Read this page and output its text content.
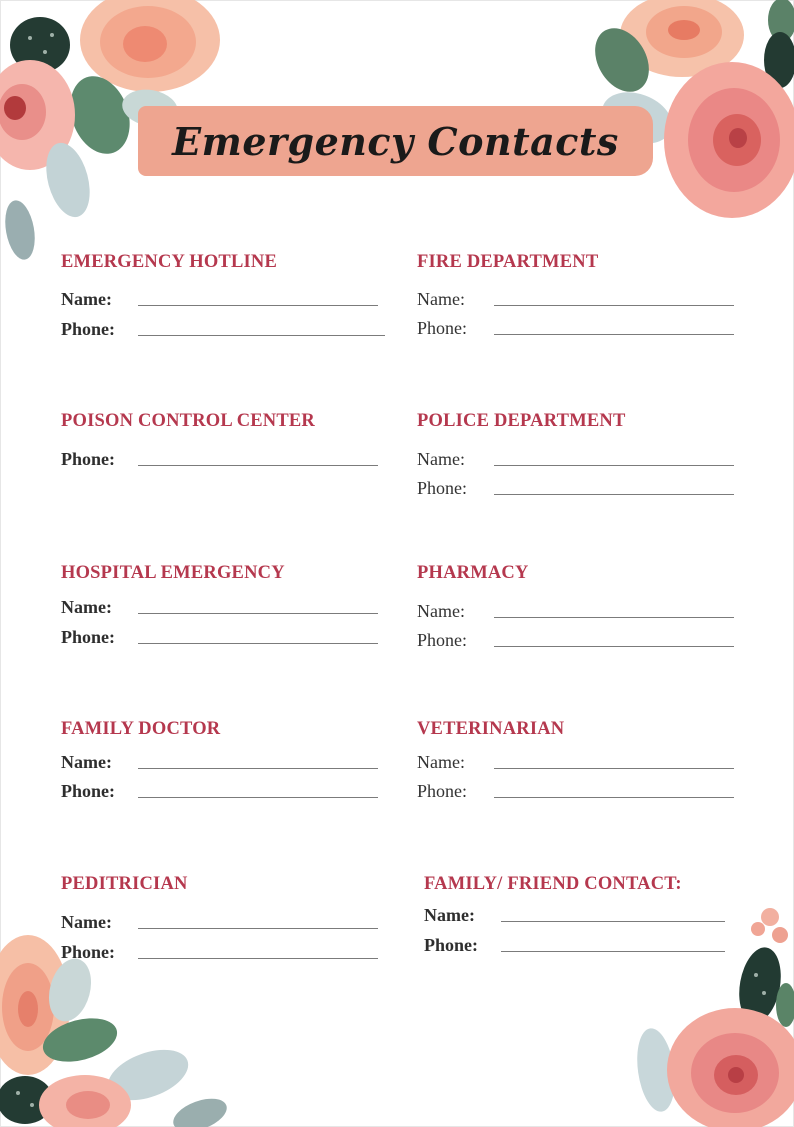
Emergency Contacts
EMERGENCY HOTLINE
Name:
Phone:
FIRE DEPARTMENT
Name:
Phone:
POISON CONTROL CENTER
Phone:
POLICE DEPARTMENT
Name:
Phone:
HOSPITAL EMERGENCY
Name:
Phone:
PHARMACY
Name:
Phone:
FAMILY DOCTOR
Name:
Phone:
VETERINARIAN
Name:
Phone:
PEDITRICIAN
Name:
Phone:
FAMILY/ FRIEND CONTACT:
Name:
Phone:
